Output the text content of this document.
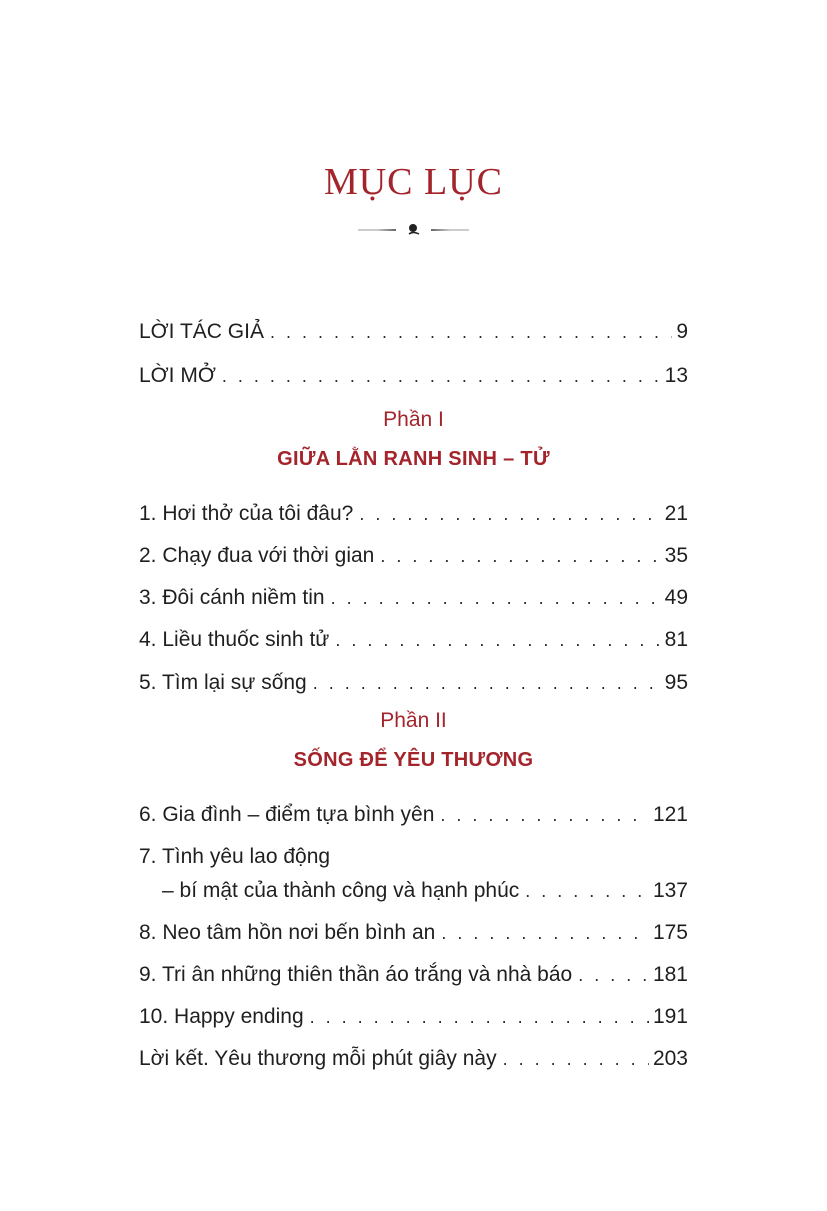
MỤC LỤC
LỜI TÁC GIẢ . . .	9
LỜI MỞ . . .	13
Phần I
GIỮA LẰN RANH SINH – TỬ
1. Hơi thở của tôi đâu? . . .	21
2. Chạy đua với thời gian . . .	35
3. Đôi cánh niềm tin . . .	49
4. Liều thuốc sinh tử . . .	81
5. Tìm lại sự sống . . .	95
Phần II
SỐNG ĐỂ YÊU THƯƠNG
6. Gia đình – điểm tựa bình yên . . .	121
7. Tình yêu lao động
– bí mật của thành công và hạnh phúc . . .	137
8. Neo tâm hồn nơi bến bình an . . .	175
9. Tri ân những thiên thần áo trắng và nhà báo . . .	181
10. Happy ending . . .	191
Lời kết. Yêu thương mỗi phút giây này . . .	203
